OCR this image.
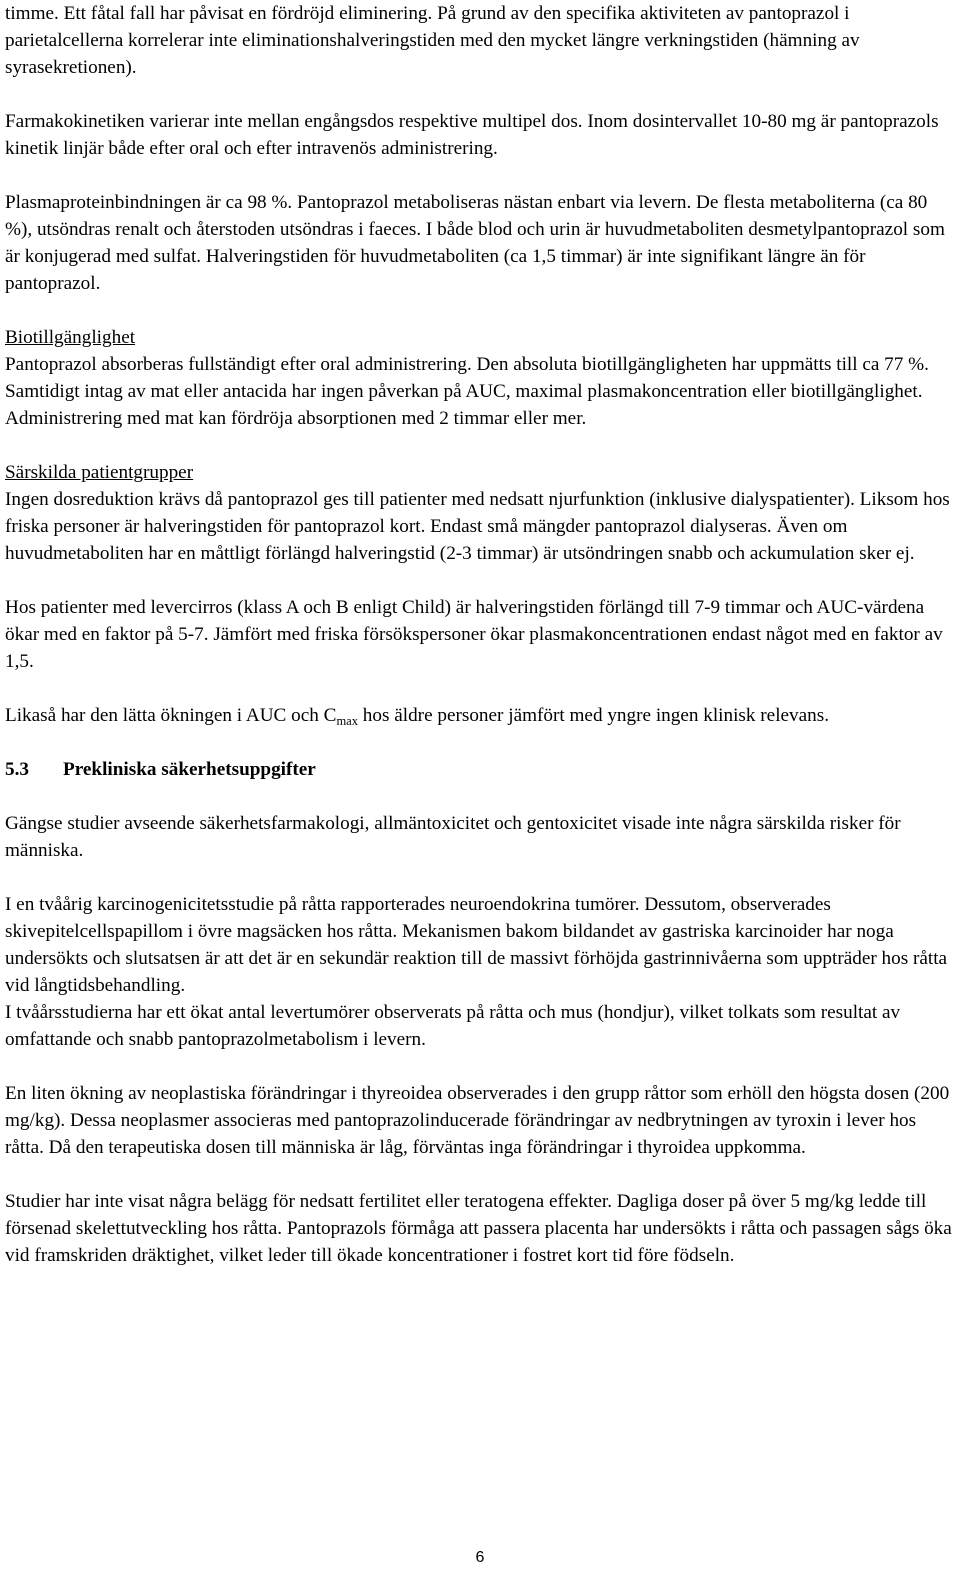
timme. Ett fåtal fall har påvisat en fördröjd eliminering. På grund av den specifika aktiviteten av pantoprazol i parietalcellerna korrelerar inte eliminationshalveringstiden med den mycket längre verkningstiden (hämning av syrasekretionen).

Farmakokinetiken varierar inte mellan engångsdos respektive multipel dos. Inom dosintervallet 10-80 mg är pantoprazols kinetik linjär både efter oral och efter intravenös administrering.

Plasmaproteinbindningen är ca 98 %. Pantoprazol metaboliseras nästan enbart via levern. De flesta metaboliterna (ca 80 %), utsöndras renalt och återstoden utsöndras i faeces. I både blod och urin är huvudmetaboliten desmetylpantoprazol som är konjugerad med sulfat. Halveringstiden för huvudmetaboliten (ca 1,5 timmar) är inte signifikant längre än för pantoprazol.

Biotillgänglighet

Pantoprazol absorberas fullständigt efter oral administrering. Den absoluta biotillgängligheten har uppmätts till ca 77 %. Samtidigt intag av mat eller antacida har ingen påverkan på AUC, maximal plasmakoncentration eller biotillgänglighet. Administrering med mat kan fördröja absorptionen med 2 timmar eller mer.

Särskilda patientgrupper

Ingen dosreduktion krävs då pantoprazol ges till patienter med nedsatt njurfunktion (inklusive dialyspatienter). Liksom hos friska personer är halveringstiden för pantoprazol kort. Endast små mängder pantoprazol dialyseras. Även om huvudmetaboliten har en måttligt förlängd halveringstid (2-3 timmar) är utsöndringen snabb och ackumulation sker ej.

Hos patienter med levercirros (klass A och B enligt Child) är halveringstiden förlängd till 7-9 timmar och AUC-värdena ökar med en faktor på 5-7. Jämfört med friska försökspersoner ökar plasmakoncentrationen endast något med en faktor av 1,5.

Likaså har den lätta ökningen i AUC och $C_{max}$ hos äldre personer jämfört med yngre ingen klinisk relevans.

5.3 Prekliniska säkerhetsuppgifter

Gängse studier avseende säkerhetsfarmakologi, allmäntoxicitet och gentoxicitet visade inte några särskilda risker för människa.

I en tvåårig karcinogenicitetsstudie på råtta rapporterades neuroendokrina tumörer. Dessutom, observerades skivepitelcellspapillom i övre magsäcken hos råtta. Mekanismen bakom bildandet av gastriska karcinoider har noga undersökts och slutsatsen är att det är en sekundär reaktion till de massivt förhöjda gastrinnivåerna som uppträder hos råtta vid långtidsbehandling.

I tvåårsstudierna har ett ökat antal levertumörer observerats på råtta och mus (hondjur), vilket tolkats som resultat av omfattande och snabb pantoprazolmetabolism i levern.

En liten ökning av neoplastiska förändringar i thyreoidea observerades i den grupp råttor som erhöll den högsta dosen (200 mg/kg). Dessa neoplasmer associeras med pantoprazolinducerade förändringar av nedbrytningen av tyroxin i lever hos råtta. Då den terapeutiska dosen till människa är låg, förväntas inga förändringar i thyroidea uppkomma.

Studier har inte visat några belägg för nedsatt fertilitet eller teratogena effekter. Dagliga doser på över 5 mg/kg ledde till försenad skelettutveckling hos råtta. Pantoprazols förmåga att passera placenta har undersökts i råtta och passagen sågs öka vid framskriden dräktighet, vilket leder till ökade koncentrationer i fostret kort tid före födseln.

6
